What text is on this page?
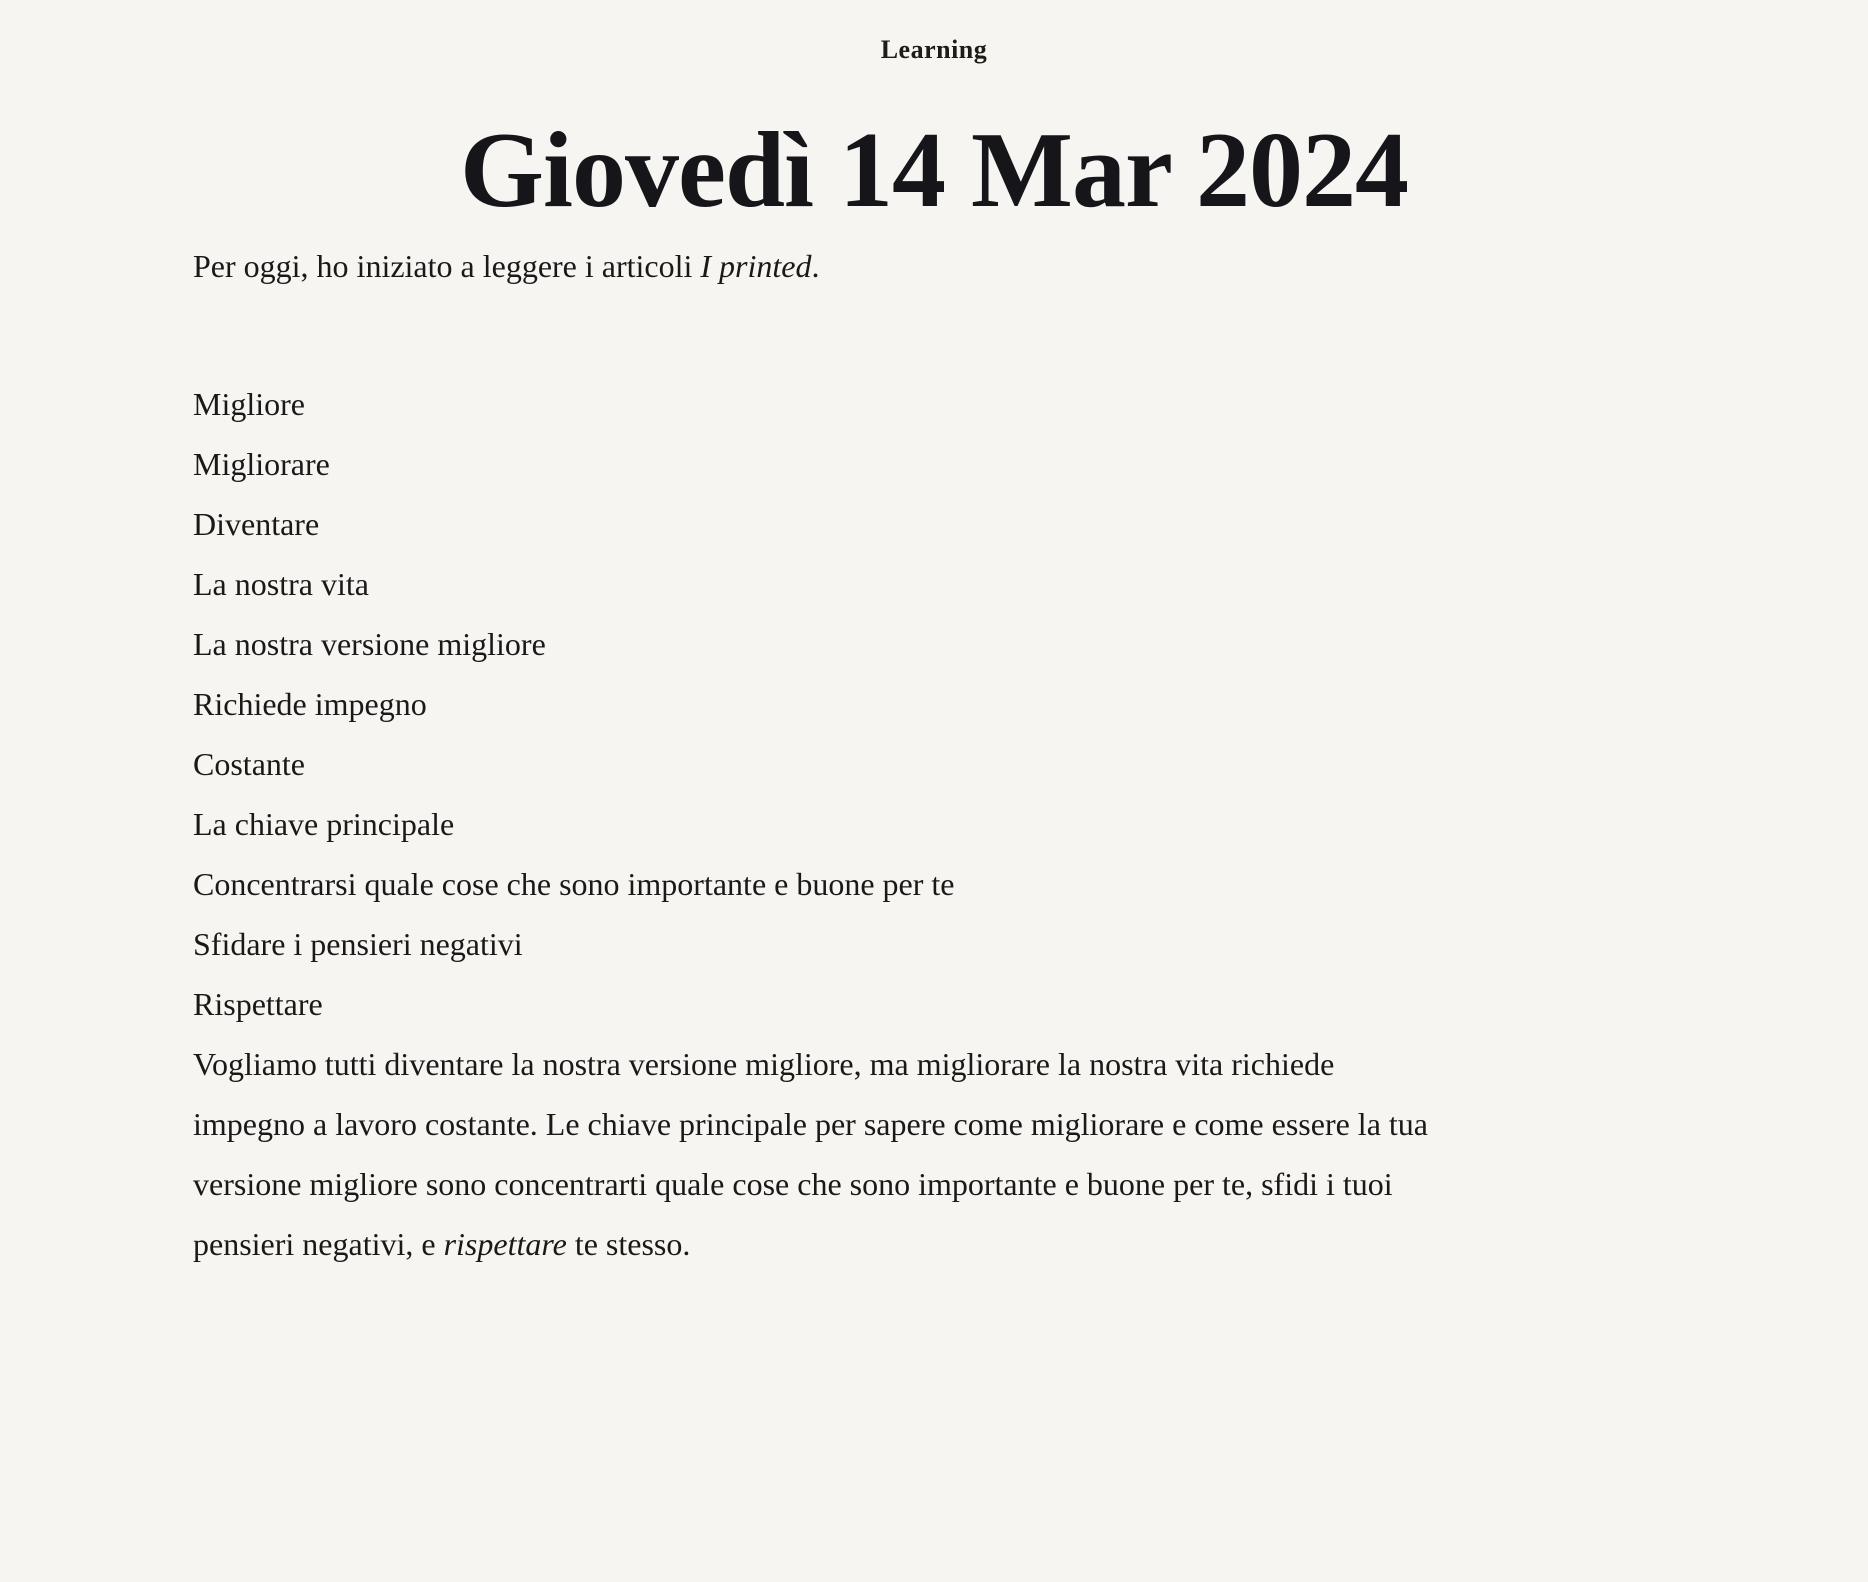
Learning
Giovedì 14 Mar 2024

Per oggi, ho iniziato a leggere i articoli I printed.

Migliore
Migliorare
Diventare
La nostra vita
La nostra versione migliore
Richiede impegno
Costante
La chiave principale
Concentrarsi quale cose che sono importante e buone per te
Sfidare i pensieri negativi
Rispettare

Vogliamo tutti diventare la nostra versione migliore, ma migliorare la nostra vita richiede impegno a lavoro costante. Le chiave principale per sapere come migliorare e come essere la tua versione migliore sono concentrarti quale cose che sono importante e buone per te, sfidi i tuoi pensieri negativi, e rispettare te stesso.
